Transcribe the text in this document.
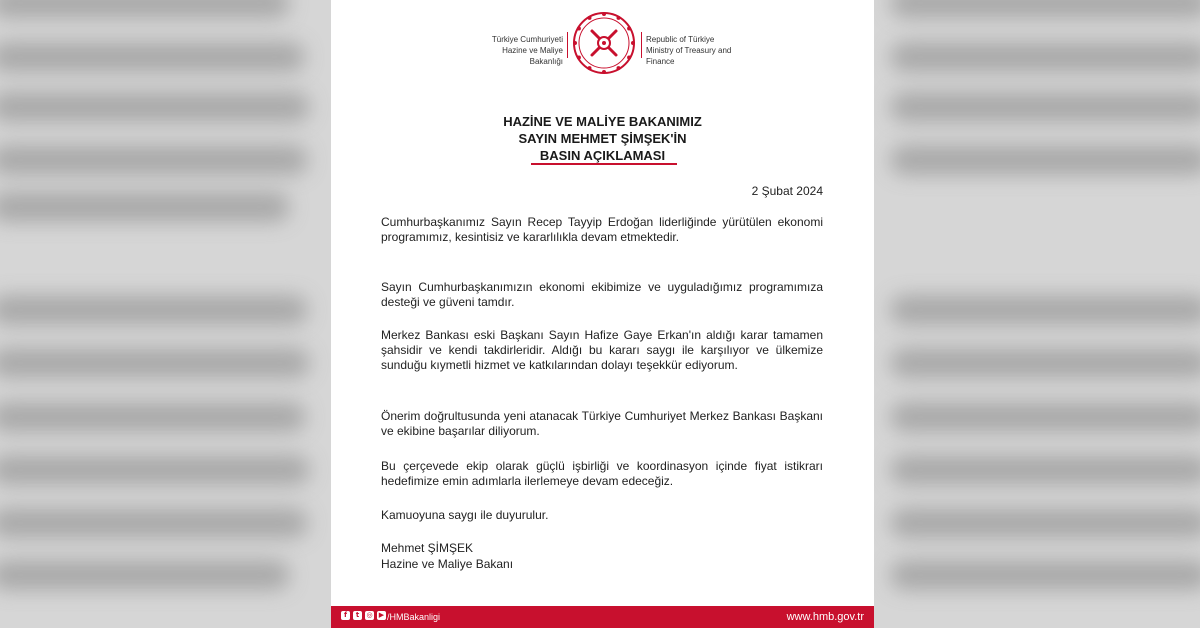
Türkiye Cumhuriyeti
Hazine ve Maliye Bakanlığı
Republic of Türkiye
Ministry of Treasury and Finance
HAZİNE VE MALİYE BAKANIMIZ
SAYIN MEHMET ŞİMŞEK'İN
BASIN AÇIKLAMASI
2 Şubat 2024
Cumhurbaşkanımız Sayın Recep Tayyip Erdoğan liderliğinde yürütülen ekonomi programımız, kesintisiz ve kararlılıkla devam etmektedir.
Sayın Cumhurbaşkanımızın ekonomi ekibimize ve uyguladığımız programımıza desteği ve güveni tamdır.
Merkez Bankası eski Başkanı Sayın Hafize Gaye Erkan'ın aldığı karar tamamen şahsidir ve kendi takdirleridir. Aldığı bu kararı saygı ile karşılıyor ve ülkemize sunduğu kıymetli hizmet ve katkılarından dolayı teşekkür ediyorum.
Önerim doğrultusunda yeni atanacak Türkiye Cumhuriyet Merkez Bankası Başkanı ve ekibine başarılar diliyorum.
Bu çerçevede ekip olarak güçlü işbirliği ve koordinasyon içinde fiyat istikrarı hedefimize emin adımlarla ilerlemeye devam edeceğiz.
Kamuoyuna saygı ile duyurulur.
Mehmet ŞİMŞEK
Hazine ve Maliye Bakanı
f	t	◎ ▶ /HMBakanligi	www.hmb.gov.tr
